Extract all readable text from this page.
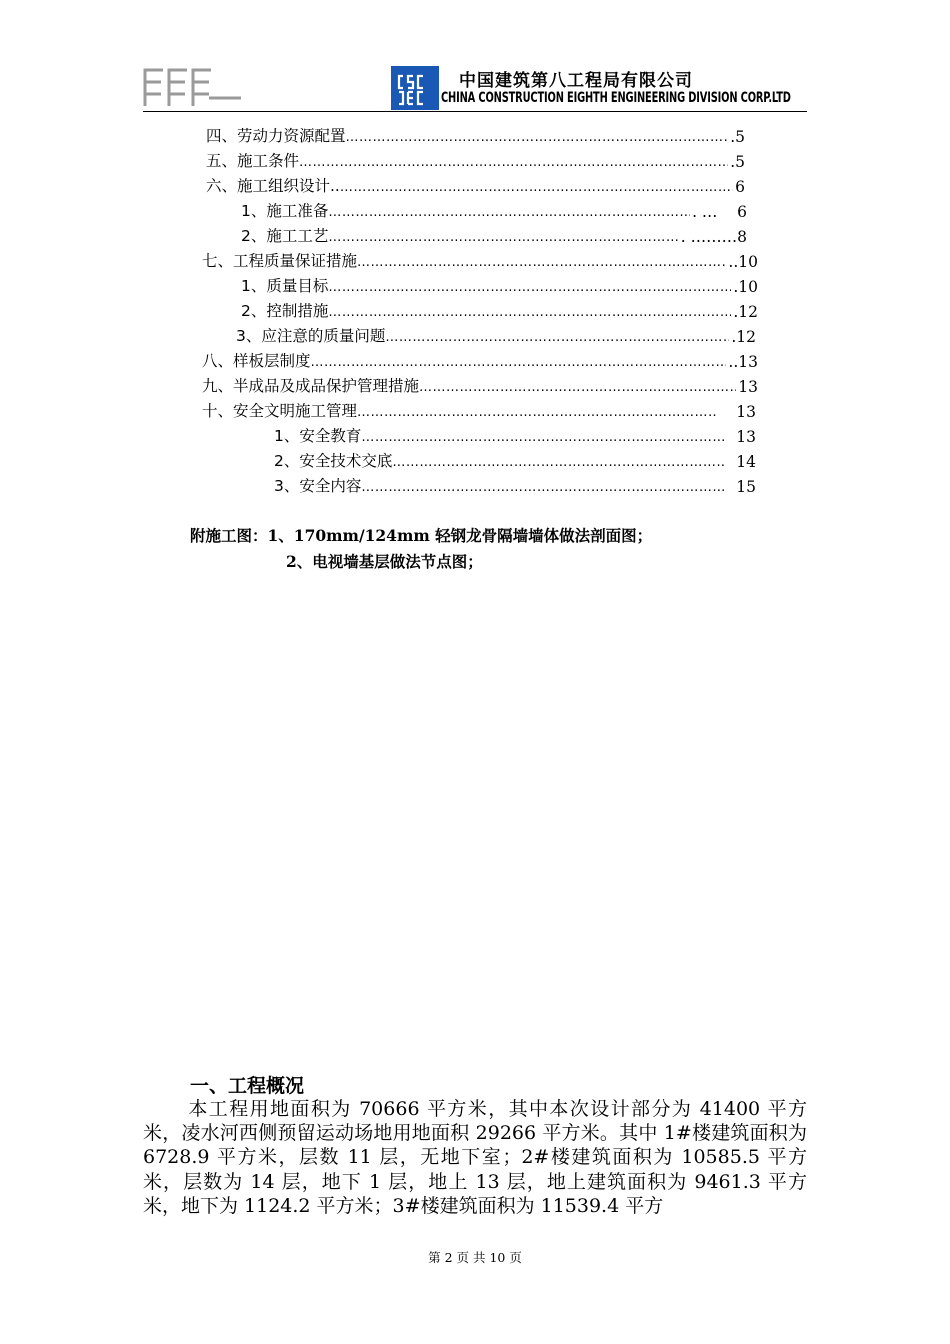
中国建筑第八工程局有限公司
CHINA CONSTRUCTION EIGHTH ENGINEERING DIVISION CORP.LTD
四、劳动力资源配置 …………………………………………………………………………………………………………………………………………	.5
五、施工条件 …………………………………………………………………………………………………………………………………………	.5
六、施工组织设计.. …………………………………………………………………………………………………………………………………………	6
1、施工准备 …………………………………………………………………………………………………………………………………………	. …    6
2、施工工艺 …………………………………………………………………………………………………………………………………………	. ………8
七、工程质量保证措施 …………………………………………………………………………………………………………………………………………	..10
1、质量目标 …………………………………………………………………………………………………………………………………………	.10
2、控制措施 …………………………………………………………………………………………………………………………………………	.12
3、应注意的质量问题 …………………………………………………………………………………………………………………………………………	.12
八、样板层制度 …………………………………………………………………………………………………………………………………………	..13
九、半成品及成品保护管理措施 …………………………………………………………………………………………………………………………………………	13
十、安全文明施工管理 …………………………………………………………………………………………………………………………………………	13
1、安全教育 …………………………………………………………………………………………………………………………………………	13
2、安全技术交底 …………………………………………………………………………………………………………………………………………	14
3、安全内容 …………………………………………………………………………………………………………………………………………	15
附施工图：1、170mm/124mm 轻钢龙骨隔墙墙体做法剖面图；
2、电视墙基层做法节点图；
一、工程概况
本工程用地面积为 70666 平方米，其中本次设计部分为 41400 平方米，凌水河西侧预留运动场地用地面积 29266 平方米。其中 1#楼建筑面积为 6728.9 平方米，层数 11 层，无地下室；2#楼建筑面积为 10585.5 平方米，层数为 14 层，地下 1 层，地上 13 层，地上建筑面积为 9461.3 平方米，地下为 1124.2 平方米；3#楼建筑面积为 11539.4 平方
第 2 页 共 10 页
